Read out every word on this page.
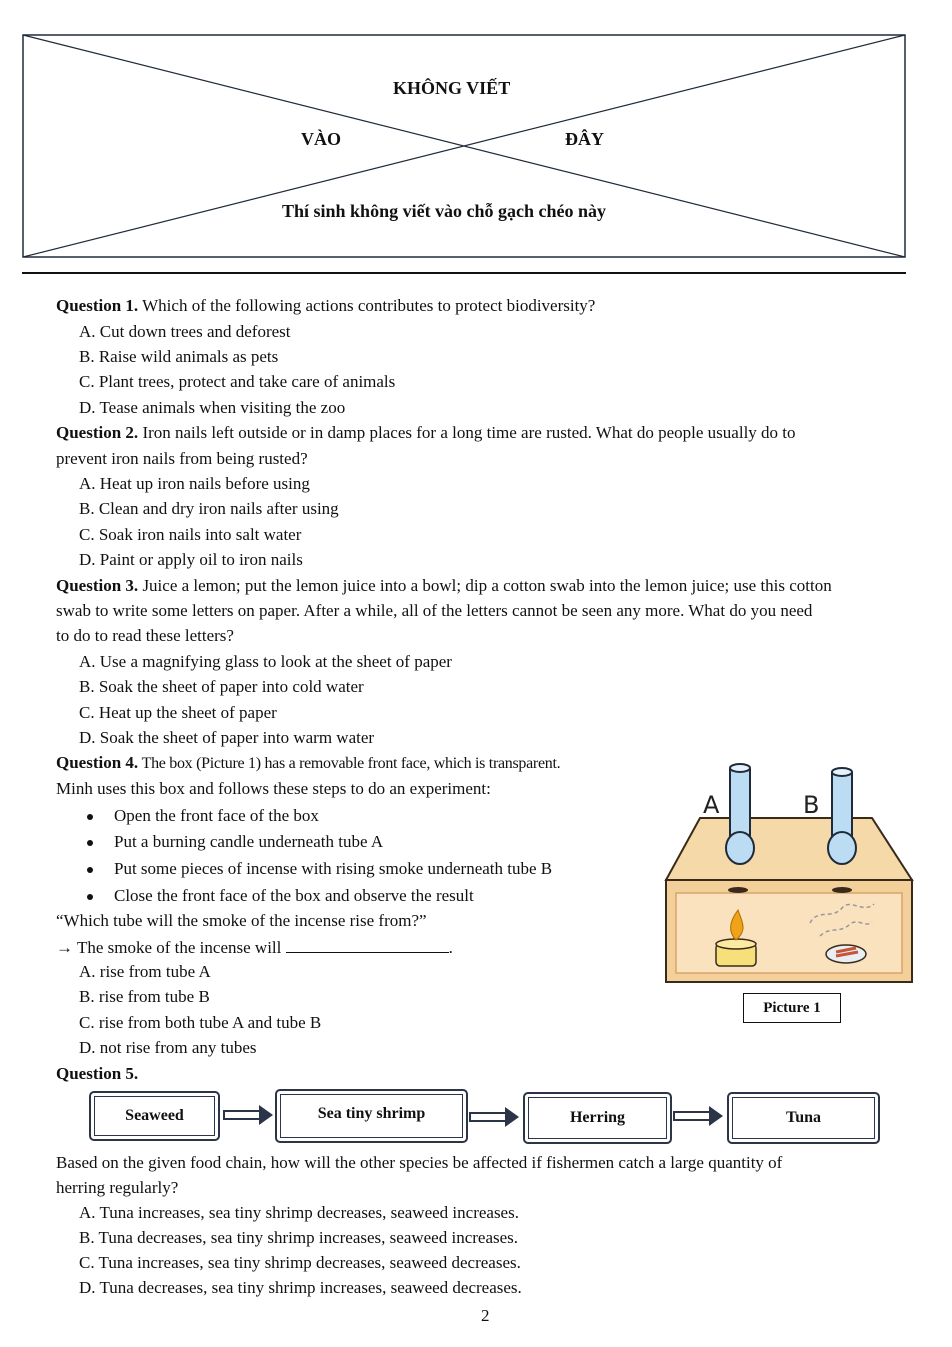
KHÔNG VIẾT
VÀO	ĐÂY
Thí sinh không viết vào chỗ gạch chéo này
Question 1. Which of the following actions contributes to protect biodiversity?
A. Cut down trees and deforest
B. Raise wild animals as pets
C. Plant trees, protect and take care of animals
D. Tease animals when visiting the zoo
Question 2. Iron nails left outside or in damp places for a long time are rusted. What do people usually do to
prevent iron nails from being rusted?
A. Heat up iron nails before using
B. Clean and dry iron nails after using
C. Soak iron nails into salt water
D. Paint or apply oil to iron nails
Question 3. Juice a lemon; put the lemon juice into a bowl; dip a cotton swab into the lemon juice; use this cotton
swab to write some letters on paper. After a while, all of the letters cannot be seen any more. What do you need
to do to read these letters?
A. Use a magnifying glass to look at the sheet of paper
B. Soak the sheet of paper into cold water
C. Heat up the sheet of paper
D. Soak the sheet of paper into warm water
Question 4. The box (Picture 1) has a removable front face, which is transparent.
Minh uses this box and follows these steps to do an experiment:
Open the front face of the box
Put a burning candle underneath tube A
Put some pieces of incense with rising smoke underneath tube B
Close the front face of the box and observe the result
“Which tube will the smoke of the incense rise from?”
→ The smoke of the incense will	.
A. rise from tube A
B. rise from tube B
C. rise from both tube A and tube B
D. not rise from any tubes
A	B
Picture 1
Question 5.
Seaweed	Sea tiny shrimp	Herring	Tuna
Based on the given food chain, how will the other species be affected if fishermen catch a large quantity of
herring regularly?
A. Tuna increases, sea tiny shrimp decreases, seaweed increases.
B. Tuna decreases, sea tiny shrimp increases, seaweed increases.
C. Tuna increases, sea tiny shrimp decreases, seaweed decreases.
D. Tuna decreases, sea tiny shrimp increases, seaweed decreases.
2
